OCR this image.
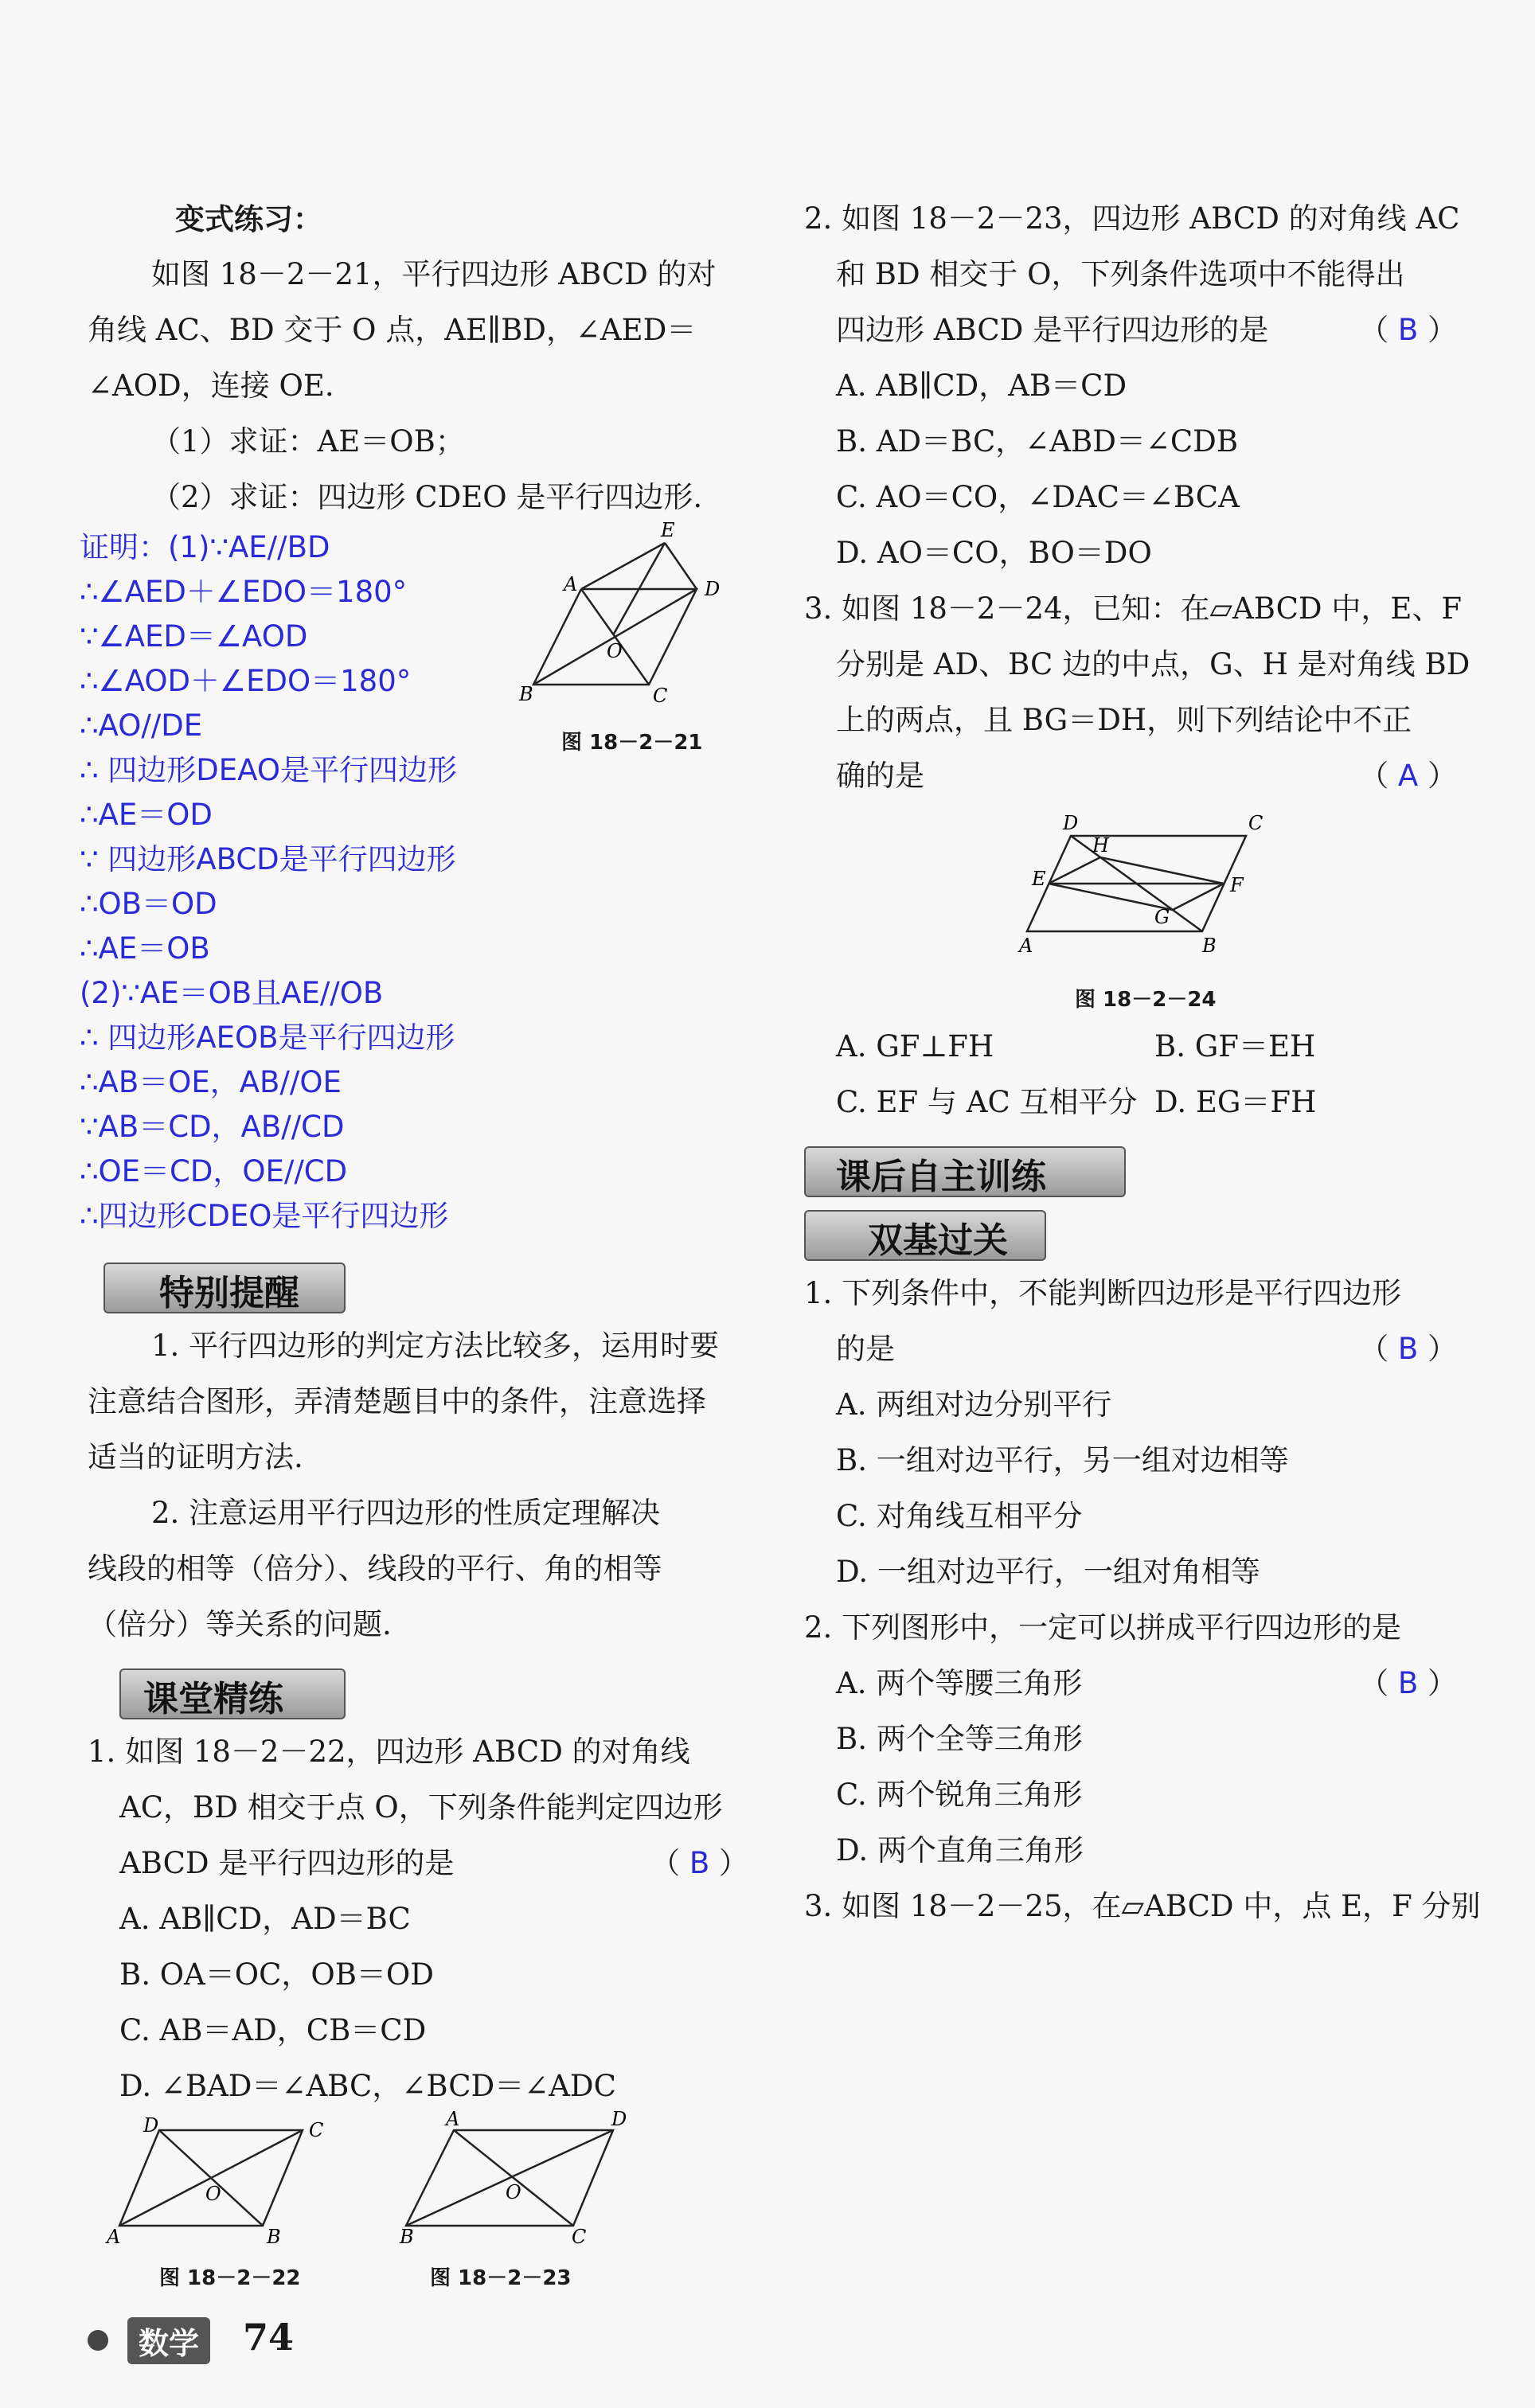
变式练习：
如图 18－2－21，平行四边形 ABCD 的对
角线 AC、BD 交于 O 点，AE∥BD，∠AED＝
∠AOD，连接 OE.
（1）求证：AE＝OB；
（2）求证：四边形 CDEO 是平行四边形.
证明：(1)∵AE//BD
∴∠AED＋∠EDO＝180°
∵∠AED＝∠AOD
∴∠AOD＋∠EDO＝180°
∴AO//DE
∴ 四边形DEAO是平行四边形
∴AE＝OD
∵ 四边形ABCD是平行四边形
∴OB＝OD
∴AE＝OB
(2)∵AE＝OB且AE//OB
∴ 四边形AEOB是平行四边形
∴AB＝OE，AB//OE
∵AB＝CD，AB//CD
∴OE＝CD，OE//CD
∴四边形CDEO是平行四边形
A	D
E
B	C
O
图 18－2－21
特别提醒
1. 平行四边形的判定方法比较多，运用时要
注意结合图形，弄清楚题目中的条件，注意选择
适当的证明方法.
2. 注意运用平行四边形的性质定理解决
线段的相等（倍分）、线段的平行、角的相等
（倍分）等关系的问题.
课堂精练
1. 如图 18－2－22，四边形 ABCD 的对角线
AC，BD 相交于点 O，下列条件能判定四边形
ABCD 是平行四边形的是	（ B ）
A. AB∥CD，AD＝BC
B. OA＝OC，OB＝OD
C. AB＝AD，CB＝CD
D. ∠BAD＝∠ABC，∠BCD＝∠ADC
D	C
A	B
O
图 18－2－22
A	D
B	C
O
图 18－2－23
2. 如图 18－2－23，四边形 ABCD 的对角线 AC
和 BD 相交于 O，下列条件选项中不能得出
四边形 ABCD 是平行四边形的是	（ B ）
A. AB∥CD，AB＝CD
B. AD＝BC，∠ABD＝∠CDB
C. AO＝CO，∠DAC＝∠BCA
D. AO＝CO，BO＝DO
3. 如图 18－2－24，已知：在▱ABCD 中，E、F
分别是 AD、BC 边的中点，G、H 是对角线 BD
上的两点，且 BG＝DH，则下列结论中不正
确的是	（ A ）
D	C
H
E	F
G
A	B
图 18－2－24
A. GF⊥FH	B. GF＝EH
C. EF 与 AC 互相平分 D. EG＝FH
课后自主训练
双基过关
1. 下列条件中，不能判断四边形是平行四边形
的是	（ B ）
A. 两组对边分别平行
B. 一组对边平行，另一组对边相等
C. 对角线互相平分
D. 一组对边平行，一组对角相等
2. 下列图形中，一定可以拼成平行四边形的是
（ B ）
A. 两个等腰三角形
B. 两个全等三角形
C. 两个锐角三角形
D. 两个直角三角形
3. 如图 18－2－25，在▱ABCD 中，点 E，F 分别
数学	74
